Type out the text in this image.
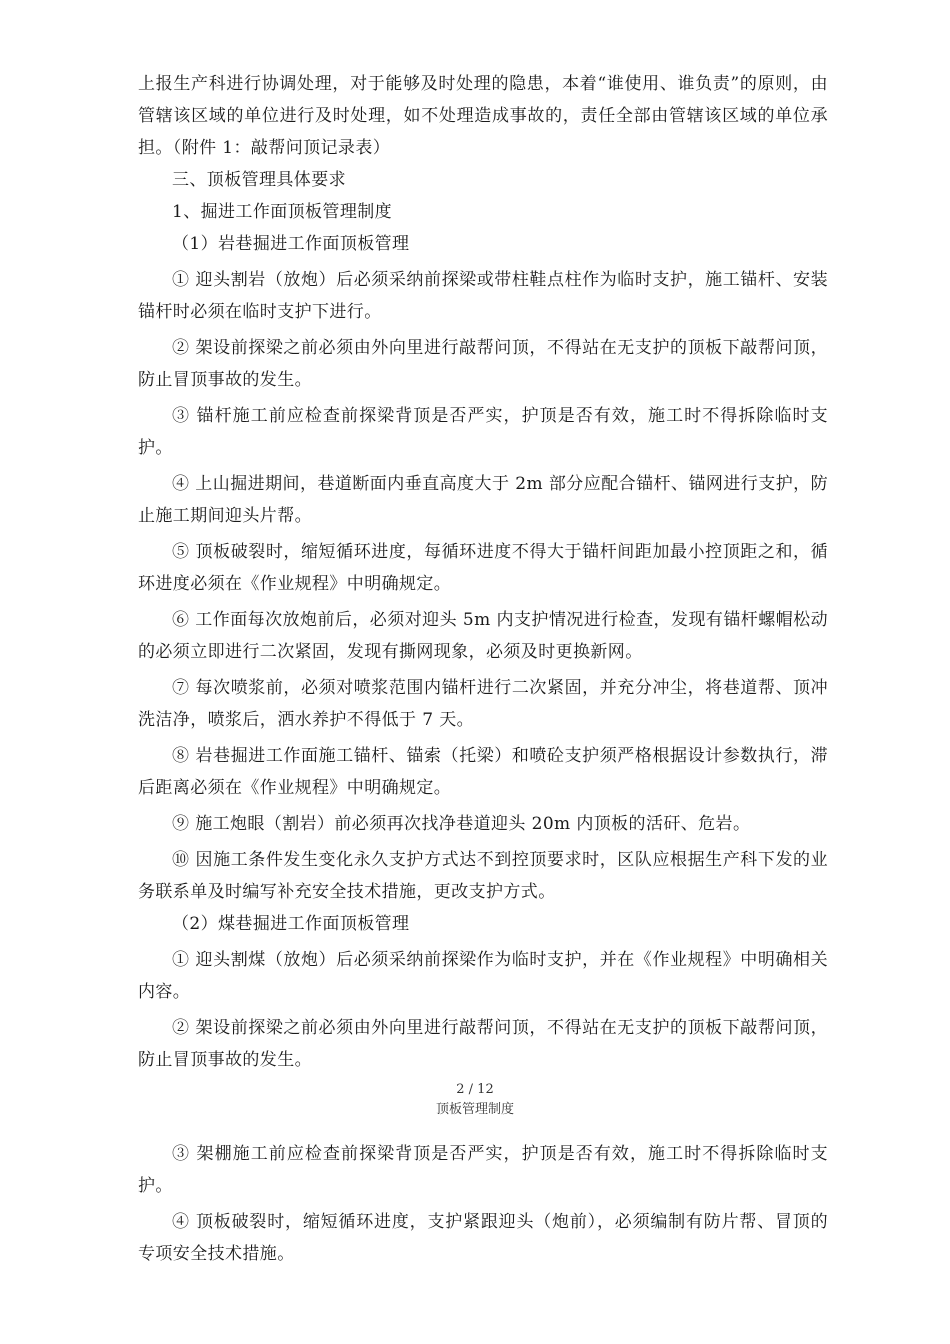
上报生产科进行协调处理，对于能够及时处理的隐患，本着“谁使用、谁负责”的原则，由管辖该区域的单位进行及时处理，如不处理造成事故的，责任全部由管辖该区域的单位承担。（附件 1：敲帮问顶记录表）

三、顶板管理具体要求

1、掘进工作面顶板管理制度

（1）岩巷掘进工作面顶板管理

① 迎头割岩（放炮）后必须采纳前探梁或带柱鞋点柱作为临时支护，施工锚杆、安装锚杆时必须在临时支护下进行。

② 架设前探梁之前必须由外向里进行敲帮问顶，不得站在无支护的顶板下敲帮问顶，防止冒顶事故的发生。

③ 锚杆施工前应检查前探梁背顶是否严实，护顶是否有效，施工时不得拆除临时支护。

④ 上山掘进期间，巷道断面内垂直高度大于 2m 部分应配合锚杆、锚网进行支护，防止施工期间迎头片帮。

⑤ 顶板破裂时，缩短循环进度，每循环进度不得大于锚杆间距加最小控顶距之和，循环进度必须在《作业规程》中明确规定。

⑥ 工作面每次放炮前后，必须对迎头 5m 内支护情况进行检查，发现有锚杆螺帽松动的必须立即进行二次紧固，发现有撕网现象，必须及时更换新网。

⑦ 每次喷浆前，必须对喷浆范围内锚杆进行二次紧固，并充分冲尘，将巷道帮、顶冲洗洁净，喷浆后，洒水养护不得低于 7 天。

⑧ 岩巷掘进工作面施工锚杆、锚索（托梁）和喷砼支护须严格根据设计参数执行，滞后距离必须在《作业规程》中明确规定。

⑨ 施工炮眼（割岩）前必须再次找净巷道迎头 20m 内顶板的活矸、危岩。

⑩ 因施工条件发生变化永久支护方式达不到控顶要求时，区队应根据生产科下发的业务联系单及时编写补充安全技术措施，更改支护方式。

（2）煤巷掘进工作面顶板管理

① 迎头割煤（放炮）后必须采纳前探梁作为临时支护，并在《作业规程》中明确相关内容。

② 架设前探梁之前必须由外向里进行敲帮问顶，不得站在无支护的顶板下敲帮问顶，防止冒顶事故的发生。

2 / 12
顶板管理制度

③ 架棚施工前应检查前探梁背顶是否严实，护顶是否有效，施工时不得拆除临时支护。

④ 顶板破裂时，缩短循环进度，支护紧跟迎头（炮前），必须编制有防片帮、冒顶的专项安全技术措施。
